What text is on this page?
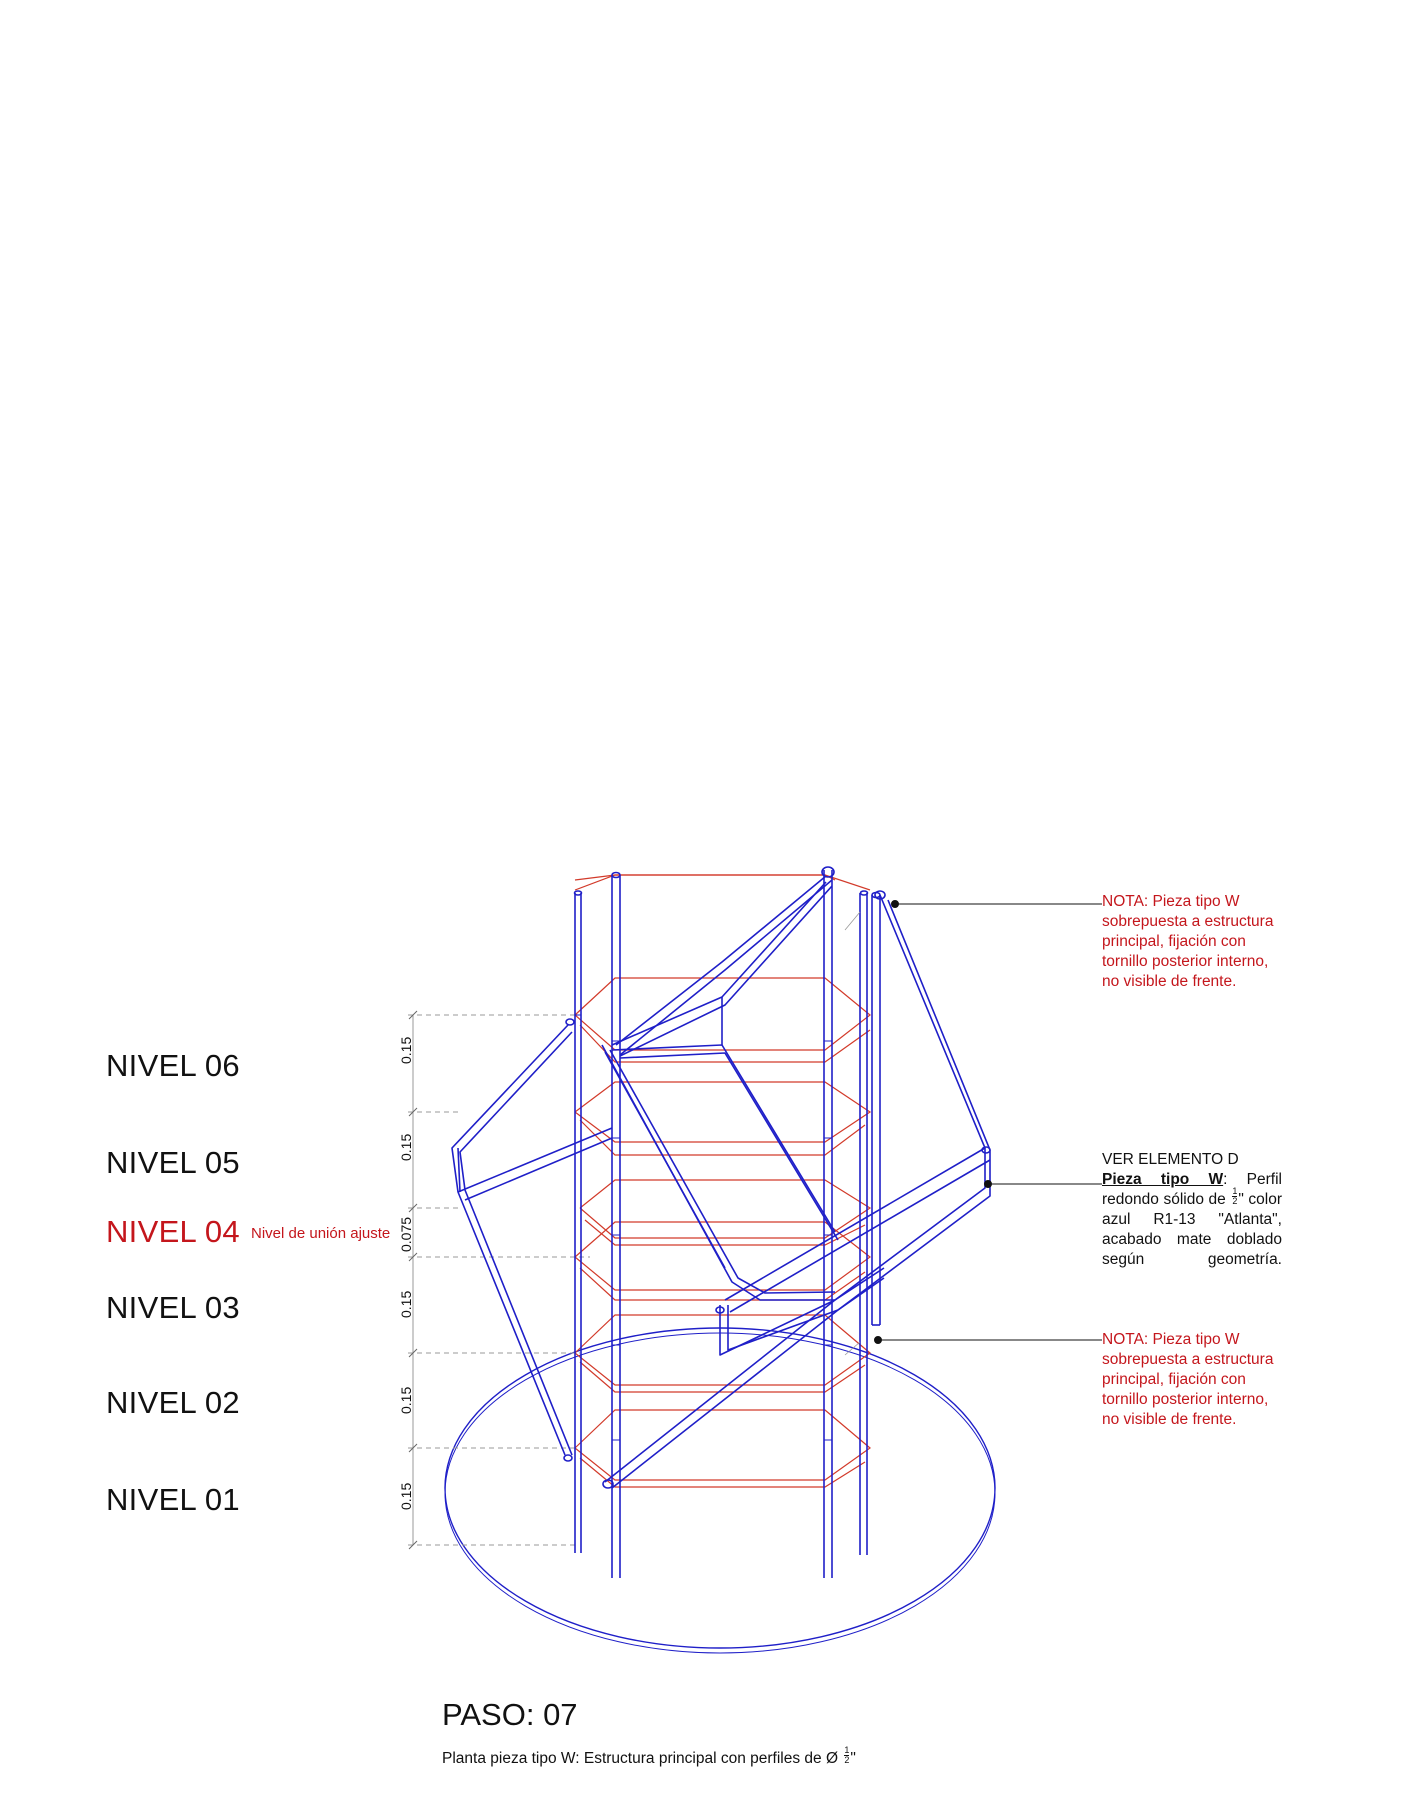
NIVEL 06
NIVEL 05
NIVEL 04 Nivel de unión ajuste
NIVEL 03
NIVEL 02
NIVEL 01
0.15
0.15
0.075
0.15
0.15
0.15
NOTA: Pieza tipo W
sobrepuesta a estructura
principal, fijación con
tornillo posterior interno,
no visible de frente.
VER ELEMENTO D
Pieza tipo W: Perfil redondo sólido de $\frac{1}{2}$ " color azul R1-13 "Atlanta", acabado mate doblado según geometría.
NOTA: Pieza tipo W
sobrepuesta a estructura
principal, fijación con
tornillo posterior interno,
no visible de frente.
PASO: 07
Planta pieza tipo W: Estructura principal con perfiles de Ø $\frac{1}{2}$ "
